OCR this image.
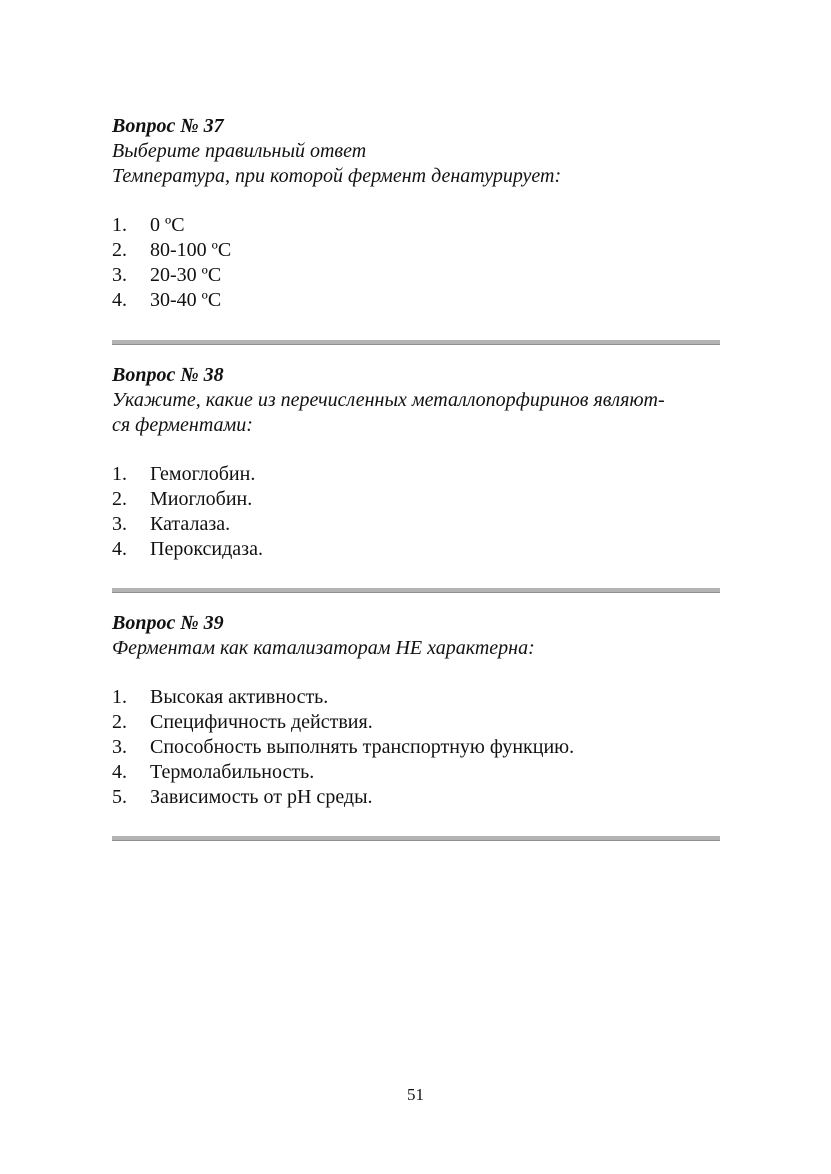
Вопрос № 37

Выберите правильный ответ
Температура, при которой фермент денатурирует:

1. 0 ºС
2. 80-100 ºС
3. 20-30 ºС
4. 30-40 ºС

Вопрос № 38

Укажите, какие из перечисленных металлопорфиринов являют-
ся ферментами:

1. Гемоглобин.
2. Миоглобин.
3. Каталаза.
4. Пероксидаза.

Вопрос № 39

Ферментам как катализаторам НЕ характерна:

1. Высокая активность.
2. Специфичность действия.
3. Способность выполнять транспортную функцию.
4. Термолабильность.
5. Зависимость от рН среды.
51
